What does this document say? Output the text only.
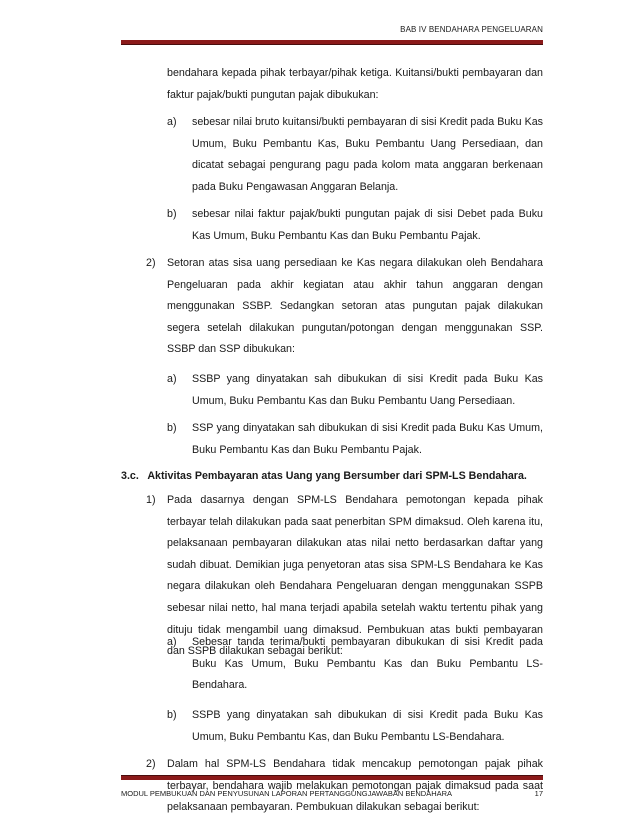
BAB IV BENDAHARA PENGELUARAN
bendahara kepada pihak terbayar/pihak ketiga. Kuitansi/bukti pembayaran dan faktur pajak/bukti pungutan pajak dibukukan:
a) sebesar nilai bruto kuitansi/bukti pembayaran di sisi Kredit pada Buku Kas Umum, Buku Pembantu Kas, Buku Pembantu Uang Persediaan, dan dicatat sebagai pengurang pagu pada kolom mata anggaran berkenaan pada Buku Pengawasan Anggaran Belanja.
b) sebesar nilai faktur pajak/bukti pungutan pajak di sisi Debet pada Buku Kas Umum, Buku Pembantu Kas dan Buku Pembantu Pajak.
2) Setoran atas sisa uang persediaan ke Kas negara dilakukan oleh Bendahara Pengeluaran pada akhir kegiatan atau akhir tahun anggaran dengan menggunakan SSBP. Sedangkan setoran atas pungutan pajak dilakukan segera setelah dilakukan pungutan/potongan dengan menggunakan SSP. SSBP dan SSP dibukukan:
a) SSBP yang dinyatakan sah dibukukan di sisi Kredit pada Buku Kas Umum, Buku Pembantu Kas dan Buku Pembantu Uang Persediaan.
b) SSP yang dinyatakan sah dibukukan di sisi Kredit pada Buku Kas Umum, Buku Pembantu Kas dan Buku Pembantu Pajak.
3.c.   Aktivitas Pembayaran atas Uang yang Bersumber dari SPM-LS Bendahara.
1) Pada dasarnya dengan SPM-LS Bendahara pemotongan kepada pihak terbayar telah dilakukan pada saat penerbitan SPM dimaksud. Oleh karena itu, pelaksanaan pembayaran dilakukan atas nilai netto berdasarkan daftar yang sudah dibuat. Demikian juga penyetoran atas sisa SPM-LS Bendahara ke Kas negara dilakukan oleh Bendahara Pengeluaran dengan menggunakan SSPB sebesar nilai netto, hal mana terjadi apabila setelah waktu tertentu pihak yang dituju tidak mengambil uang dimaksud. Pembukuan atas bukti pembayaran dan SSPB dilakukan sebagai berikut:
a) Sebesar tanda terima/bukti pembayaran dibukukan di sisi Kredit pada Buku Kas Umum, Buku Pembantu Kas dan Buku Pembantu LS-Bendahara.
b) SSPB yang dinyatakan sah dibukukan di sisi Kredit pada Buku Kas Umum, Buku Pembantu Kas, dan Buku Pembantu LS-Bendahara.
2) Dalam hal SPM-LS Bendahara tidak mencakup pemotongan pajak pihak terbayar, bendahara wajib melakukan pemotongan pajak dimaksud pada saat pelaksanaan pembayaran. Pembukuan dilakukan sebagai berikut:
MODUL PEMBUKUAN DAN PENYUSUNAN LAPORAN PERTANGGUNGJAWABAN BENDAHARA	17
